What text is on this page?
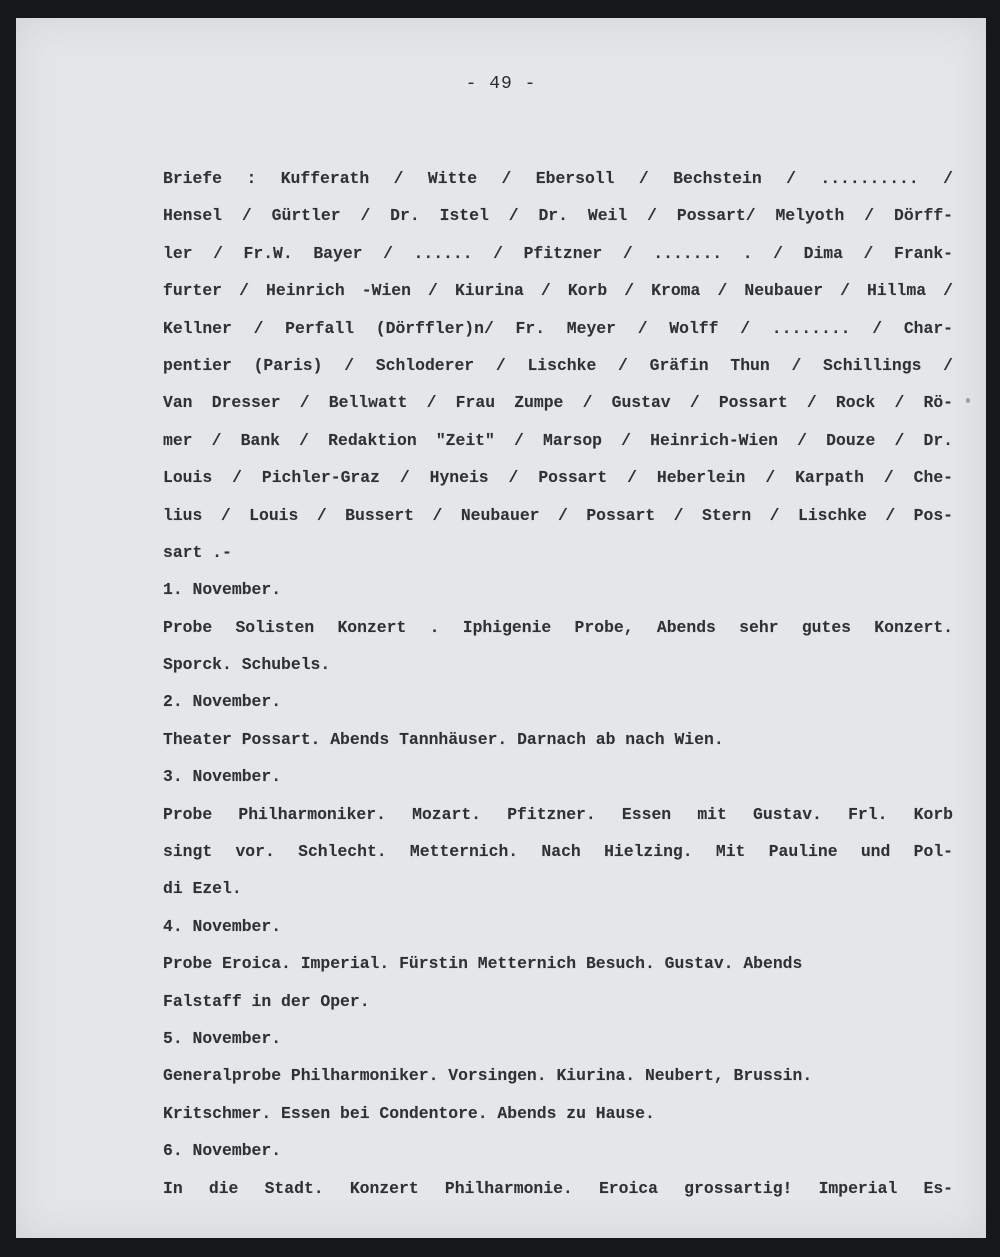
- 49 -
Briefe : Kufferath / Witte / Ebersoll / Bechstein / .......... /
Hensel / Gürtler / Dr. Istel / Dr. Weil / Possart/ Melyoth / Dörff-
ler / Fr.W. Bayer / ...... / Pfitzner / ....... . / Dima / Frank-
furter / Heinrich -Wien / Kiurina / Korb / Kroma / Neubauer / Hillma /
Kellner / Perfall (Dörffler)n/ Fr. Meyer / Wolff / ........ / Char-
pentier (Paris) / Schloderer / Lischke / Gräfin Thun / Schillings /
Van Dresser / Bellwatt / Frau Zumpe / Gustav / Possart / Rock / Rö-
mer / Bank / Redaktion "Zeit" / Marsop / Heinrich-Wien / Douze / Dr.
Louis / Pichler-Graz / Hyneis / Possart / Heberlein / Karpath / Che-
lius / Louis / Bussert / Neubauer / Possart / Stern / Lischke / Pos-
sart .-
1. November.
Probe Solisten Konzert . Iphigenie Probe, Abends sehr gutes Konzert.
Sporck. Schubels.
2. November.
Theater Possart. Abends Tannhäuser. Darnach ab nach Wien.
3. November.
Probe Philharmoniker. Mozart. Pfitzner. Essen mit Gustav. Frl. Korb
singt vor. Schlecht. Metternich. Nach Hielzing. Mit Pauline und Pol-
di Ezel.
4. November.
Probe Eroica. Imperial. Fürstin Metternich Besuch. Gustav. Abends
Falstaff in der Oper.
5. November.
Generalprobe Philharmoniker. Vorsingen. Kiurina. Neubert, Brussin.
Kritschmer. Essen bei Condentore. Abends zu Hause.
6. November.
In die Stadt. Konzert Philharmonie. Eroica grossartig! Imperial Es-
